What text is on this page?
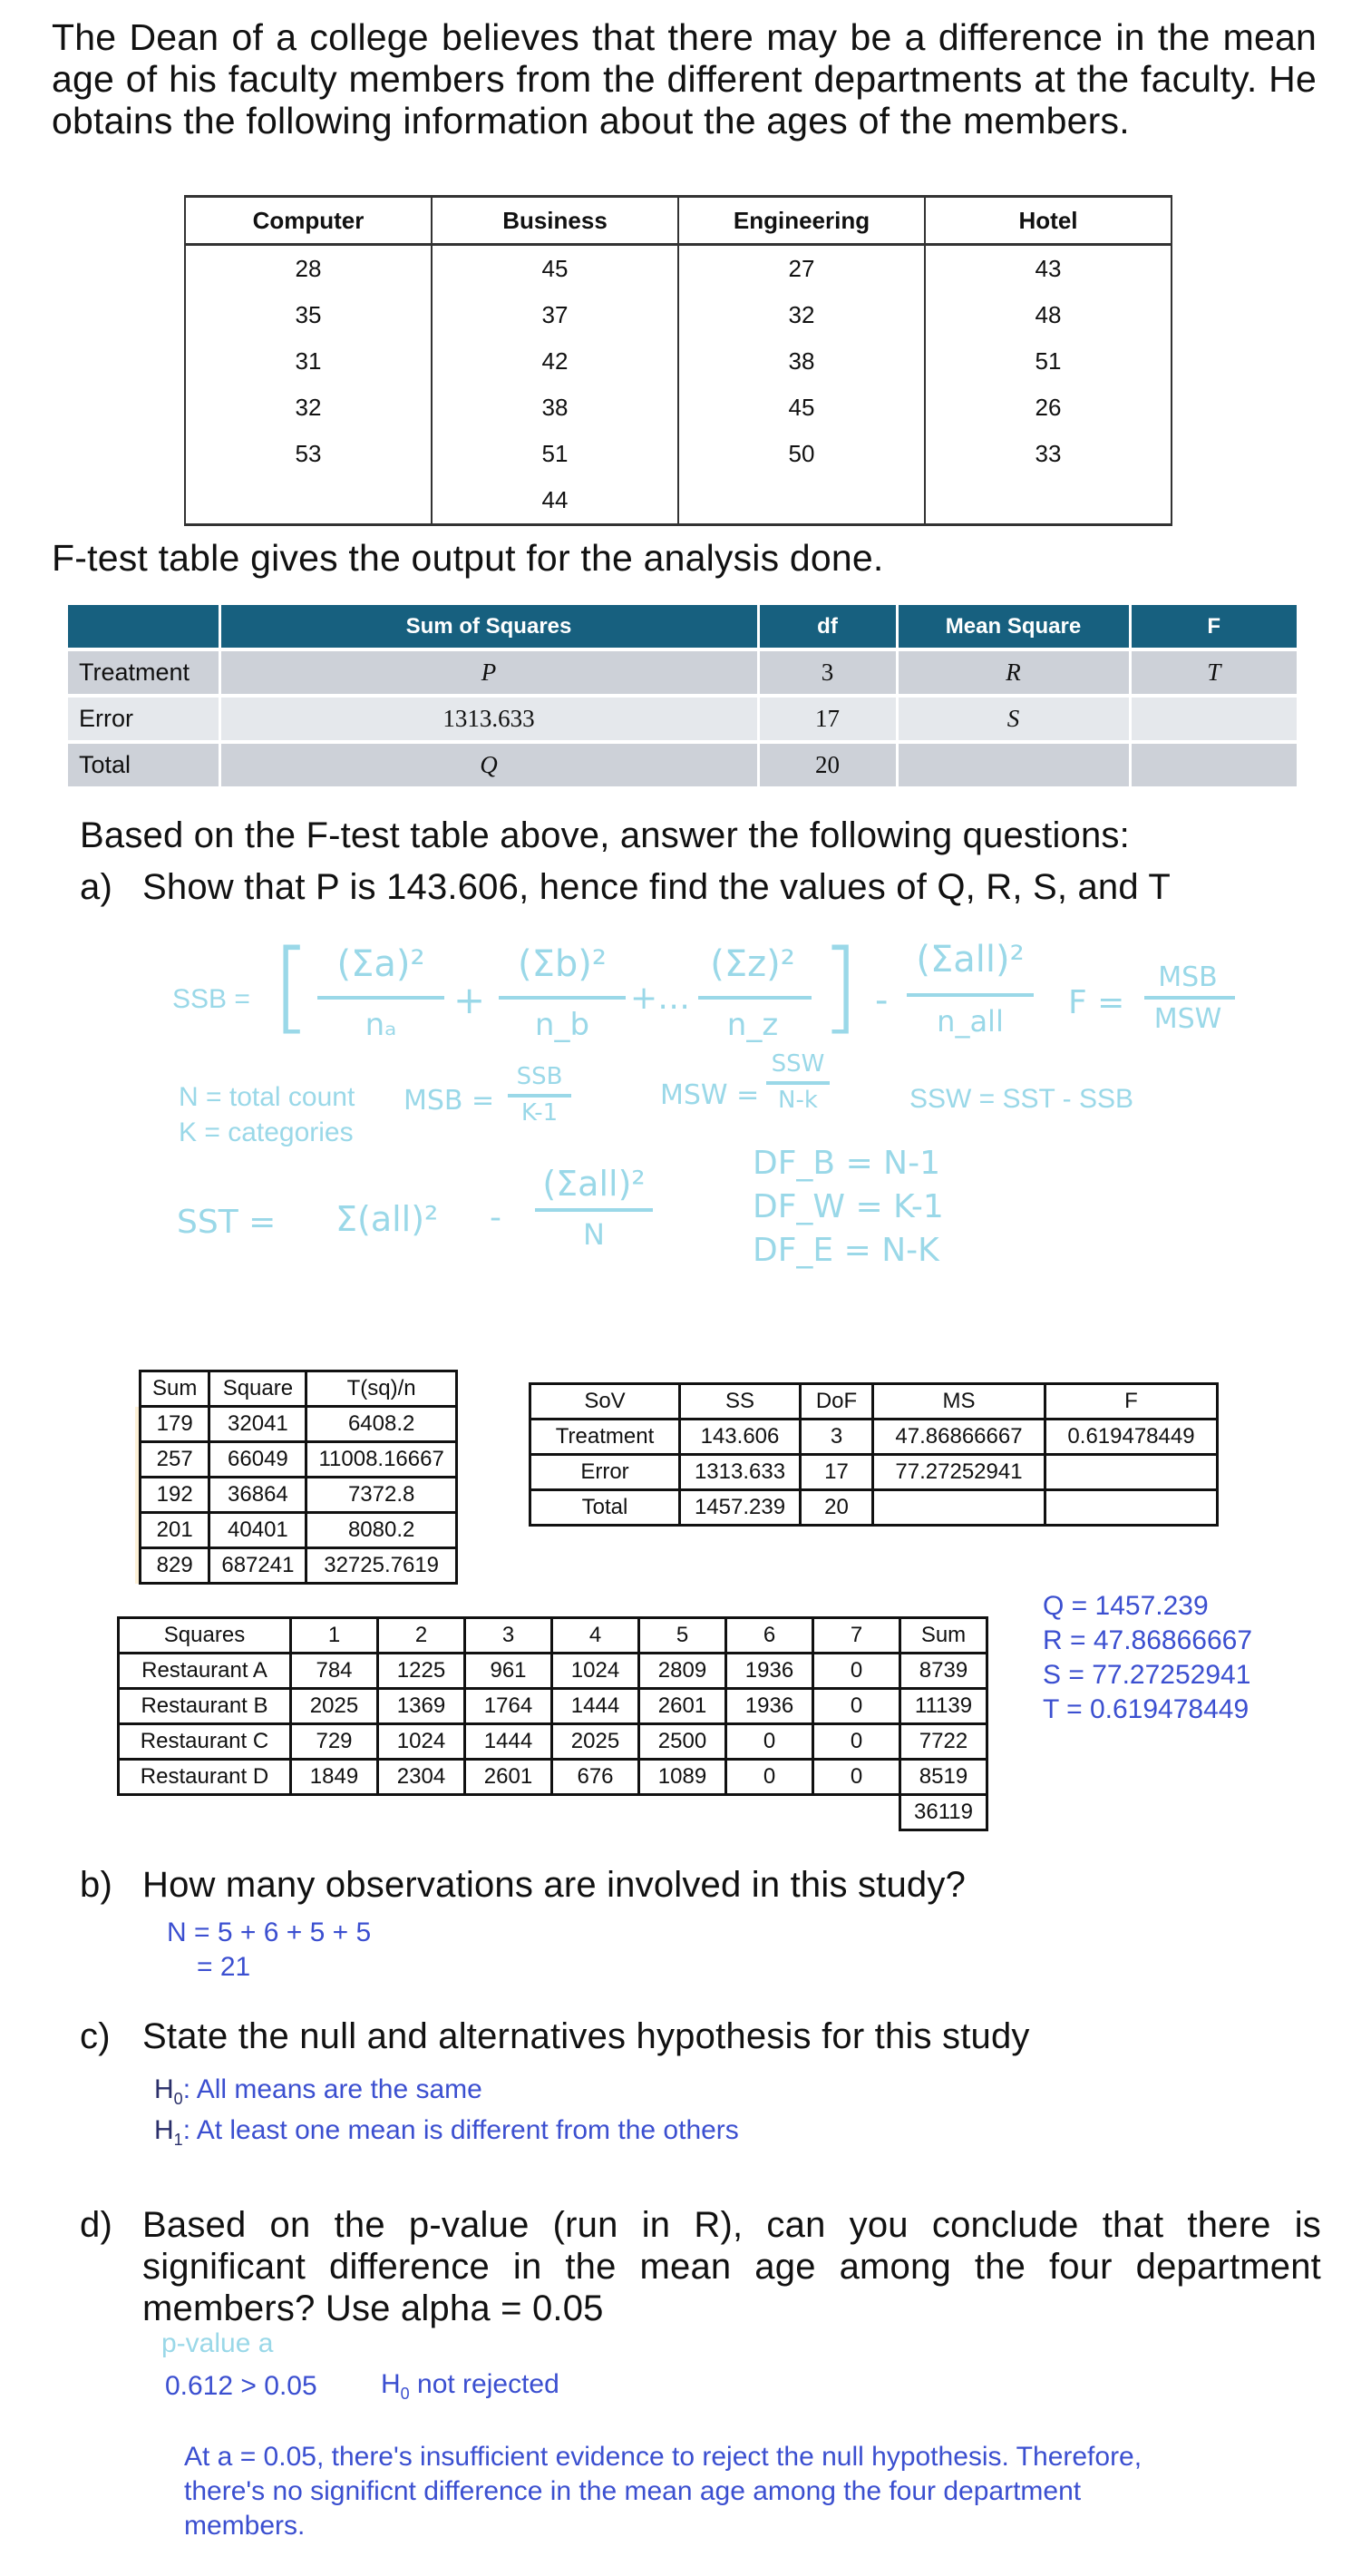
The Dean of a college believes that there may be a difference in the mean age of his faculty members from the different departments at the faculty. He obtains the following information about the ages of the members.
Computer	Business	Engineering	Hotel
28	45	27	43
35	37	32	48
31	42	38	51
32	38	45	26
53	51	50	33
	44		
F-test table gives the output for the analysis done.
	Sum of Squares	df	Mean Square	F
Treatment	P	3	R	T
Error	1313.633	17	S	
Total	Q	20		
Based on the F-test table above, answer the following questions:
a) Show that P is 143.606, hence find the values of Q, R, S, and T
SSB = [ (Σa)²
nₐ
+
(Σb)²
n_b
+…
(Σz)²
n_z ] -
(Σall)²
n_all	F =
MSB
MSW
N = total count
K = categories
MSB =
SSB
K-1
MSW =
SSW
N-k	SSW = SST - SSB
SST = Σ(all)² -
(Σall)²
N
DF_B = N-1
DF_W = K-1
DF_E = N-K
Sum	Square	T(sq)/n
179	32041	6408.2
257	66049	11008.16667
192	36864	7372.8
201	40401	8080.2
829	687241	32725.7619
SoV	SS	DoF	MS	F
Treatment	143.606	3	47.86866667	0.619478449
Error	1313.633	17	77.27252941	
Total	1457.239	20		
Squares	1	2	3	4	5	6	7	Sum
Restaurant A	784	1225	961	1024	2809	1936	0	8739
Restaurant B	2025	1369	1764	1444	2601	1936	0	11139
Restaurant C	729	1024	1444	2025	2500	0	0	7722
Restaurant D	1849	2304	2601	676	1089	0	0	8519
								36119
Q = 1457.239
R = 47.86866667
S = 77.27252941
T = 0.619478449
b) How many observations are involved in this study?
N = 5 + 6 + 5 + 5
= 21
c) State the null and alternatives hypothesis for this study
$H_0$: All means are the same
$H_1$: At least one mean is different from the others
d) Based on the p-value (run in R), can you conclude that there is significant difference in the mean age among the four department members? Use alpha = 0.05
p-value a
0.612 > 0.05 $H_0$ not rejected
At a = 0.05, there's insufficient evidence to reject the null hypothesis. Therefore, there's no significnt difference in the mean age among the four department members.
